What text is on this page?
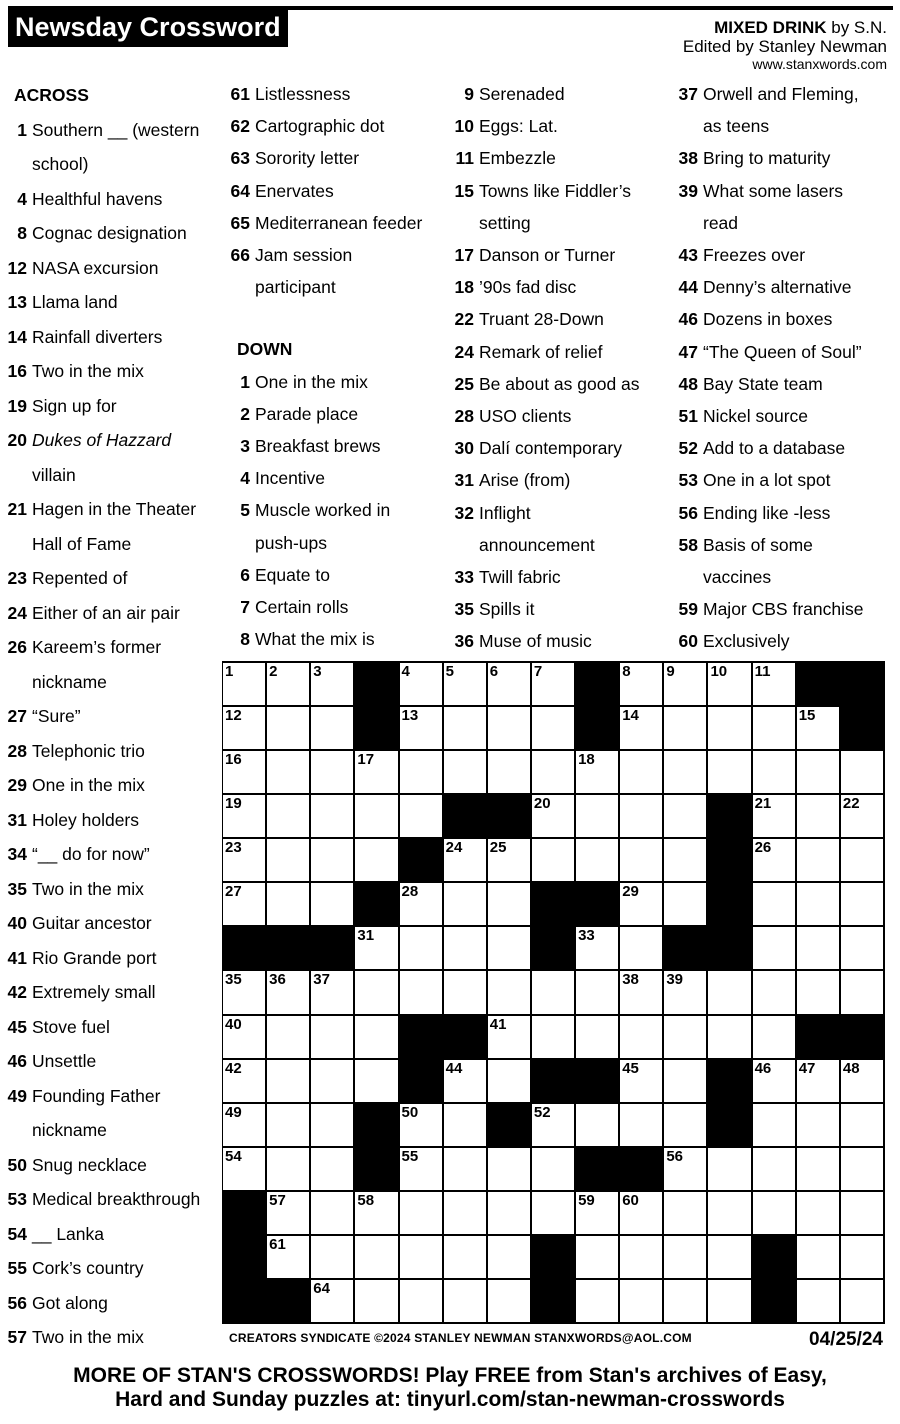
Newsday Crossword	MIXED DRINK by S.N.
Edited by Stanley Newman
www.stanxwords.com
ACROSS
1 Southern __ (western
school)
4 Healthful havens
8 Cognac designation
12 NASA excursion
13 Llama land
14 Rainfall diverters
16 Two in the mix
19 Sign up for
20 Dukes of Hazzard
villain
21 Hagen in the Theater
Hall of Fame
23 Repented of
24 Either of an air pair
26 Kareem’s former
nickname
27 “Sure”
28 Telephonic trio
29 One in the mix
31 Holey holders
34 “__ do for now”
35 Two in the mix
40 Guitar ancestor
41 Rio Grande port
42 Extremely small
45 Stove fuel
46 Unsettle
49 Founding Father
nickname
50 Snug necklace
53 Medical breakthrough
54 __ Lanka
55 Cork’s country
56 Got along
57 Two in the mix
61 Listlessness
62 Cartographic dot
63 Sorority letter
64 Enervates
65 Mediterranean feeder
66 Jam session
participant
DOWN
1 One in the mix
2 Parade place
3 Breakfast brews
4 Incentive
5 Muscle worked in
push-ups
6 Equate to
7 Certain rolls
8 What the mix is
9 Serenaded
10 Eggs: Lat.
11 Embezzle
15 Towns like Fiddler’s
setting
17 Danson or Turner
18 ’90s fad disc
22 Truant 28-Down
24 Remark of relief
25 Be about as good as
28 USO clients
30 Dalí contemporary
31 Arise (from)
32 Inflight
announcement
33 Twill fabric
35 Spills it
36 Muse of music
37 Orwell and Fleming,
as teens
38 Bring to maturity
39 What some lasers
read
43 Freezes over
44 Denny’s alternative
46 Dozens in boxes
47 “The Queen of Soul”
48 Bay State team
51 Nickel source
52 Add to a database
53 One in a lot spot
56 Ending like -less
58 Basis of some
vaccines
59 Major CBS franchise
60 Exclusively
1 2 3	4 5 6 7	8 9 10 11
12	13	14	15
16	17	18
19	20	21	22
23	24 25	26
27	28	29	30
31	32 33	34
35 36 37	38 39
40	41
42	43 44	45	46 47 48
49	50	51 52	53
54	55	56
57	58	59 60
61	62	63
64	65	66
CREATORS SYNDICATE ©2024 STANLEY NEWMAN STANXWORDS@AOL.COM	04/25/24
MORE OF STAN'S CROSSWORDS! Play FREE from Stan's archives of Easy,
Hard and Sunday puzzles at: tinyurl.com/stan-newman-crosswords
